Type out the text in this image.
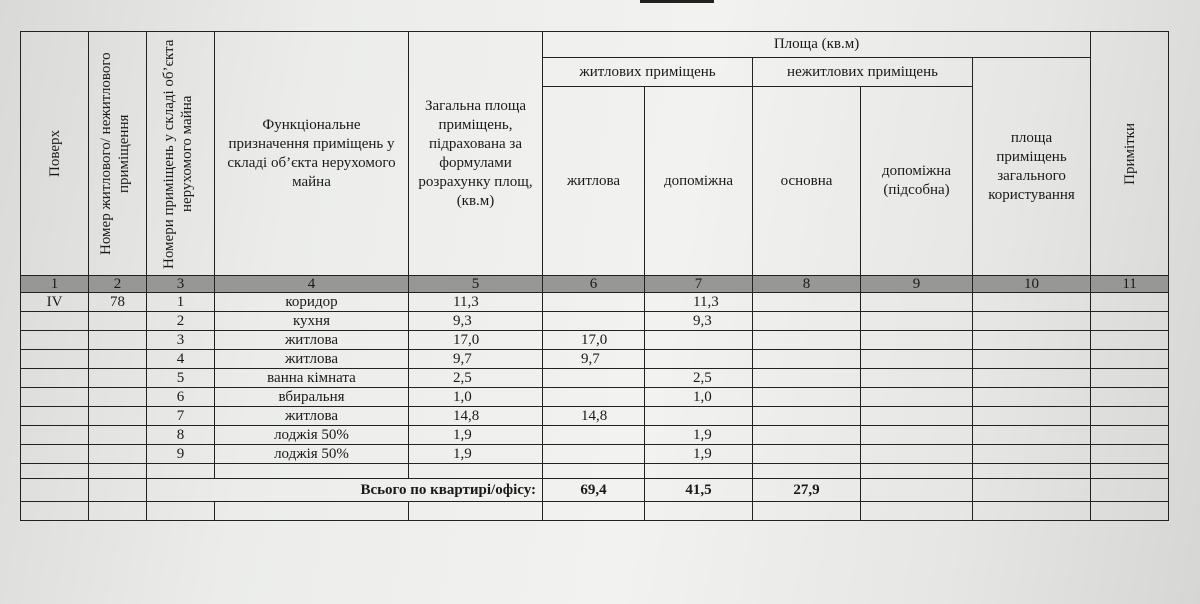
Поверх	Номер житлового/ нежитлового приміщення	Номери приміщень у складі об’єкта нерухомого майна	Функціональне призначення приміщень у складі об’єкта нерухомого майна	Загальна площа приміщень, підрахована за формулами розрахунку площ, (кв.м)	Площа (кв.м)					Примітки

					житлових приміщень		нежитлових приміщень		площа приміщень загального користування	
					житлова	допоміжна	основна	допоміжна (підсобна)		
1	2	3	4	5	6	7	8	9	10	11
IV	78	1	коридор	11,3		11,3				
		2	кухня	9,3		9,3				
		3	житлова	17,0	17,0					
		4	житлова	9,7	9,7					
		5	ванна кімната	2,5		2,5				
		6	вбиральня	1,0		1,0				
		7	житлова	14,8	14,8					
		8	лоджія 50%	1,9		1,9				
		9	лоджія 50%	1,9		1,9				

		Всього по квартирі/офісу:			69,4	41,5	27,9			
